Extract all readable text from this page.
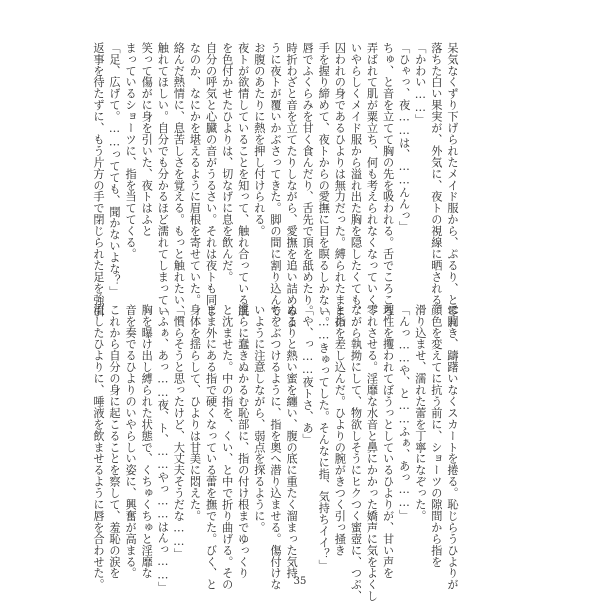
呆気なくずり下げられたメイド服から、ぷるり、と零れ
落ちた白い果実が、外気に、夜トの視線に晒される。
「かわい……」
「ひゃっ、夜……は、……んんっ」
ちゅ、と音を立てて胸の先を吸われる。舌でころころ
弄ばれて肌が粟立ち、何も考えられなくなっていく。
いやらしくメイド服から溢れ出た胸を隠したくても、
囚われの身であるひよりは無力だった。縛られたままの
手を握り締めて、夜トからの愛撫に目を瞑るしかない。
唇でふくらみを甘く食んだり、舌先で頂を舐めたり。
時折わざと音を立てたりしながら、愛撫を追い詰めるよ
うに夜トが覆いかぶさってきた。脚の間に割り込んで、
お腹のあたりに熱を押し付けられる。
夜トが欲情していることを知って、触れ合っている肌
を色付かせたひよりは、切なげに息を飲んだ。
自分の呼気と心臓の音がうるさい。それは夜トも同じ
なのか、なにかを堪えるように眉根を寄せていた。
絡んだ熱情に、息苦しさを覚える。もっと触れたい、
触れてほしい。自分でも分かるほど濡れてしまってい
笑って傷がに身を引いた、夜トはふと
まっているショーツに、指を当ててくる。
「足、広げて。……ってても、聞かないよな？」
返事を待たずに、もう片方の手で閉じられた足を強引
に開き、躊躇いなくスカートを捲る。恥じらうひよりが
顔色を変えてに抗う前に、ショーツの隙間から指を
滑り込ませ、濡れた蕾を丁寧になぞった。
「んっ……や、と……ふぁ、あっ……」
理性を攫われてぼうっとしているひよりが、甘い声を
零れさせる。淫靡な水音と鼻にかかった嬌声に気をよくし
ながら執拗にして、物欲しそうにヒクつく蜜壺に、つぷ、
と指を差し込んだ。ひよりの腕がきつく引っ掻き
「……きゅってした。そんなに指、気持ちイイ？」
「や、っ……夜トさ、あ」
ぬるりと熱い蜜を纏い、腹の底に重たく溜まった気持
ちをぶつけるように、指を奥へ潜り込ませる。傷付けな
いように注意しながら、弱点を探るように。
淫らに蠢きぬかるむ恥部に、指の付け根までゆっくり
と沈ませた。中の指を、くい、と中で折り曲げる。その
まま外にある指で硬くなっている蕾を撫でた。びく、と
身体を揺らして、ひよりは甘美に悶えた。
「慣らそうと思ったけど、大丈夫そうだな……」
「ふぁ、あっ……夜、ト、……やっ……はんっ……」
胸を曝け出し縛られた状態で、くちゅくちゅと淫靡な
音を奏でるひよりのいやらしい姿に、興奮が高まる。
これから自分の身に起こることを察して、羞恥の涙を
流したひよりに、唾液を飲ませるように唇を合わせた。	35
